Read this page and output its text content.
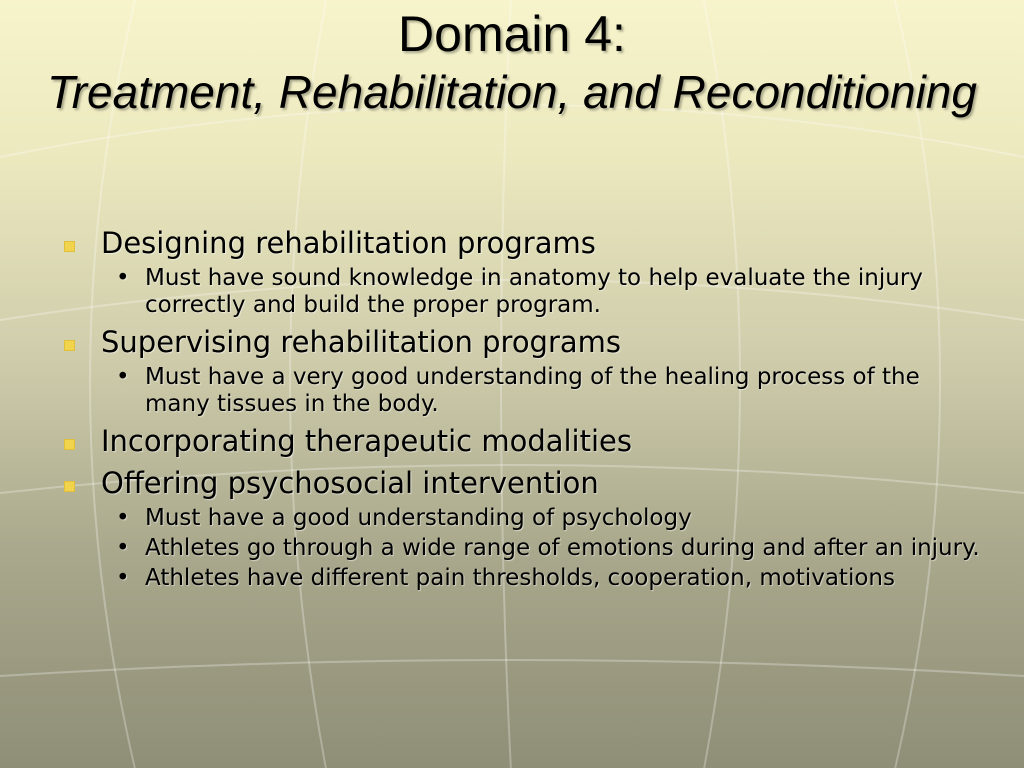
Domain 4:
Treatment, Rehabilitation, and Reconditioning
Designing rehabilitation programs
• Must have sound knowledge in anatomy to help evaluate the injury correctly and build the proper program.
Supervising rehabilitation programs
• Must have a very good understanding of the healing process of the many tissues in the body.
Incorporating therapeutic modalities
Offering psychosocial intervention
• Must have a good understanding of psychology
• Athletes go through a wide range of emotions during and after an injury.
• Athletes have different pain thresholds, cooperation, motivations
